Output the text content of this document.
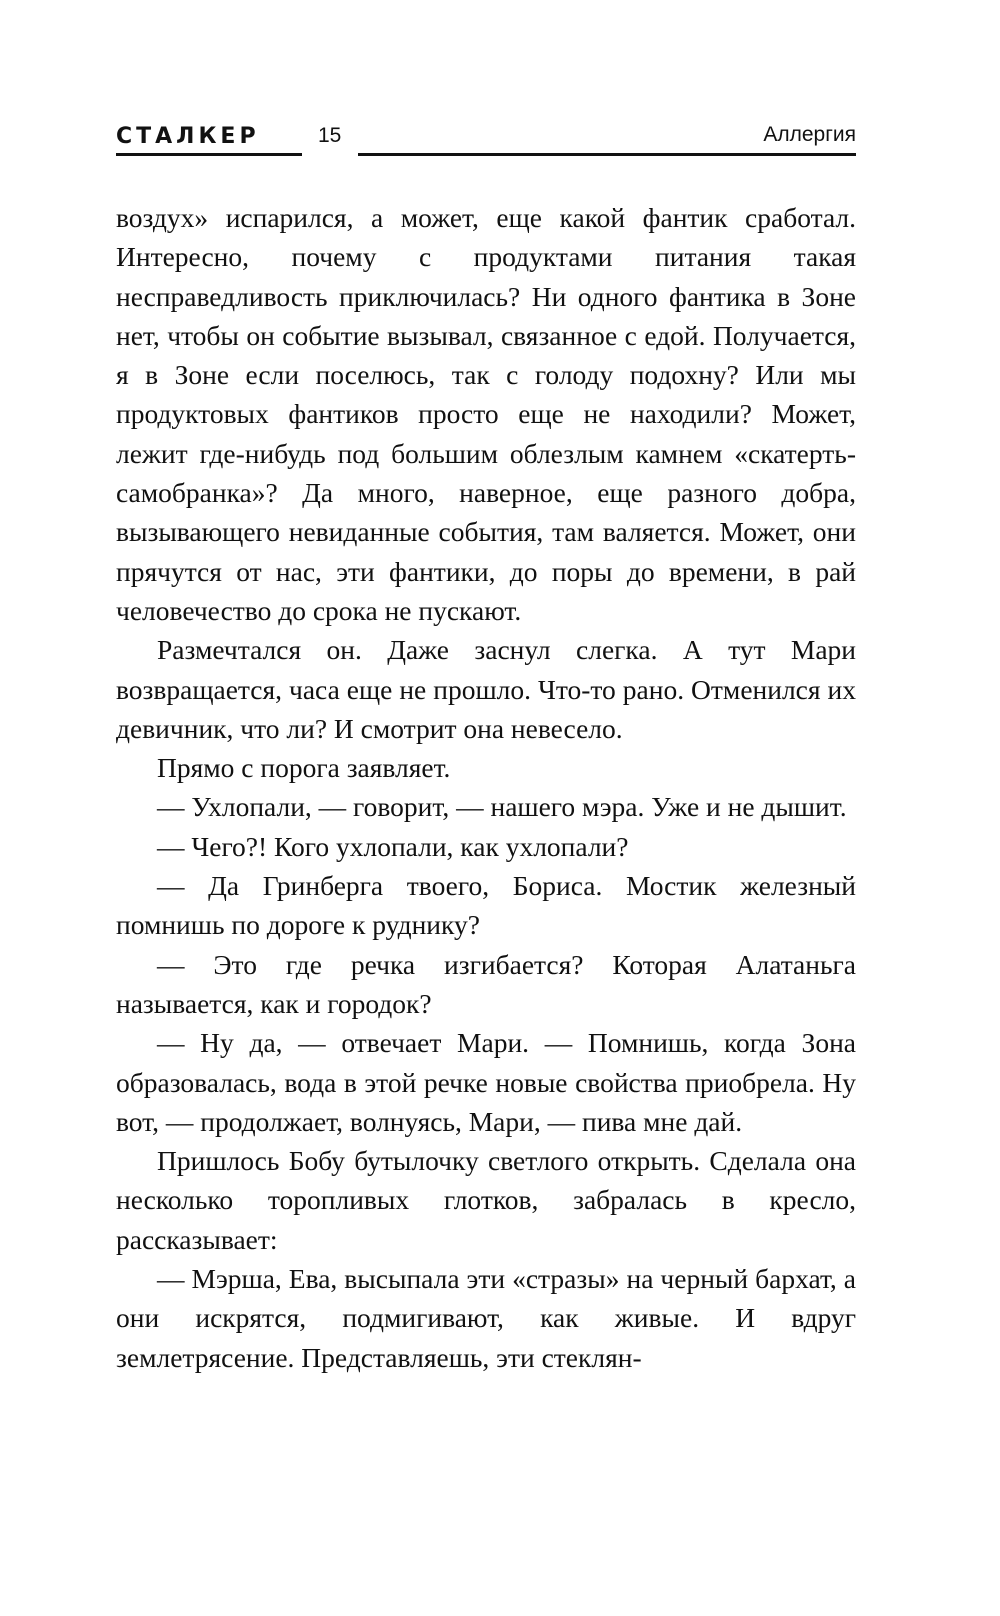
СТАЛКЕР	15	Аллергия

воздух» испарился, а может, еще какой фантик сработал. Интересно, почему с продуктами питания такая несправедливость приключилась? Ни одного фантика в Зоне нет, чтобы он событие вызывал, связанное с едой. Получается, я в Зоне если поселюсь, так с голоду подохну? Или мы продуктовых фантиков просто еще не находили? Может, лежит где-нибудь под большим облезлым камнем «скатерть-самобранка»? Да много, наверное, еще разного добра, вызывающего невиданные события, там валяется. Может, они прячутся от нас, эти фантики, до поры до времени, в рай человечество до срока не пускают.

Размечтался он. Даже заснул слегка. А тут Мари возвращается, часа еще не прошло. Что-то рано. Отменился их девичник, что ли? И смотрит она невесело.

Прямо с порога заявляет.

— Ухлопали, — говорит, — нашего мэра. Уже и не дышит.

— Чего?! Кого ухлопали, как ухлопали?

— Да Гринберга твоего, Бориса. Мостик железный помнишь по дороге к руднику?

— Это где речка изгибается? Которая Алатаньга называется, как и городок?

— Ну да, — отвечает Мари. — Помнишь, когда Зона образовалась, вода в этой речке новые свойства приобрела. Ну вот, — продолжает, волнуясь, Мари, — пива мне дай.

Пришлось Бобу бутылочку светлого открыть. Сделала она несколько торопливых глотков, забралась в кресло, рассказывает:

— Мэрша, Ева, высыпала эти «стразы» на черный бархат, а они искрятся, подмигивают, как живые. И вдруг землетрясение. Представляешь, эти стеклян-
